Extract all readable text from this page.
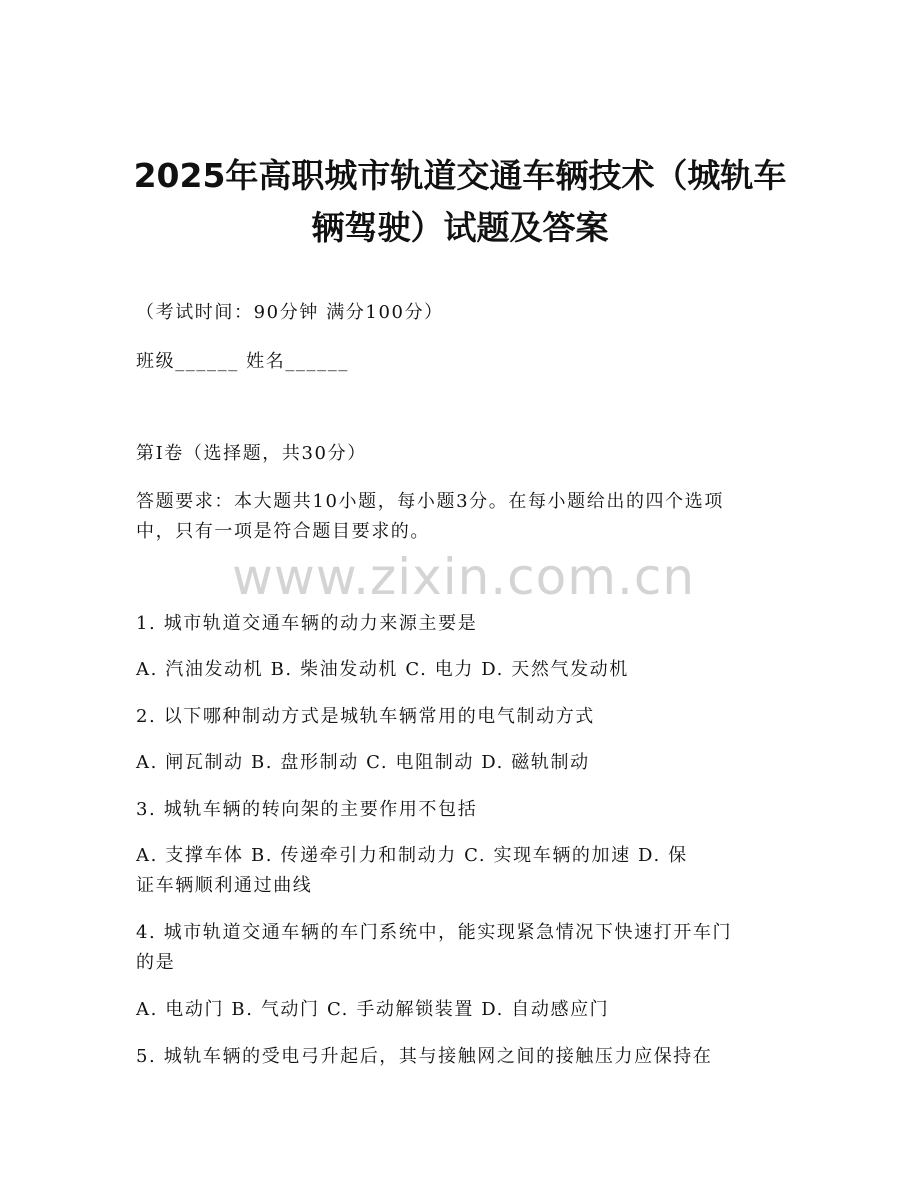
2025年高职城市轨道交通车辆技术（城轨车
辆驾驶）试题及答案
（考试时间：90分钟 满分100分）
班级______ 姓名______
第I卷（选择题，共30分）
答题要求：本大题共10小题，每小题3分。在每小题给出的四个选项
中，只有一项是符合题目要求的。
www.zixin.com.cn
1. 城市轨道交通车辆的动力来源主要是
A. 汽油发动机 B. 柴油发动机 C. 电力 D. 天然气发动机
2. 以下哪种制动方式是城轨车辆常用的电气制动方式
A. 闸瓦制动 B. 盘形制动 C. 电阻制动 D. 磁轨制动
3. 城轨车辆的转向架的主要作用不包括
A. 支撑车体 B. 传递牵引力和制动力 C. 实现车辆的加速 D. 保
证车辆顺利通过曲线
4. 城市轨道交通车辆的车门系统中，能实现紧急情况下快速打开车门
的是
A. 电动门 B. 气动门 C. 手动解锁装置 D. 自动感应门
5. 城轨车辆的受电弓升起后，其与接触网之间的接触压力应保持在
